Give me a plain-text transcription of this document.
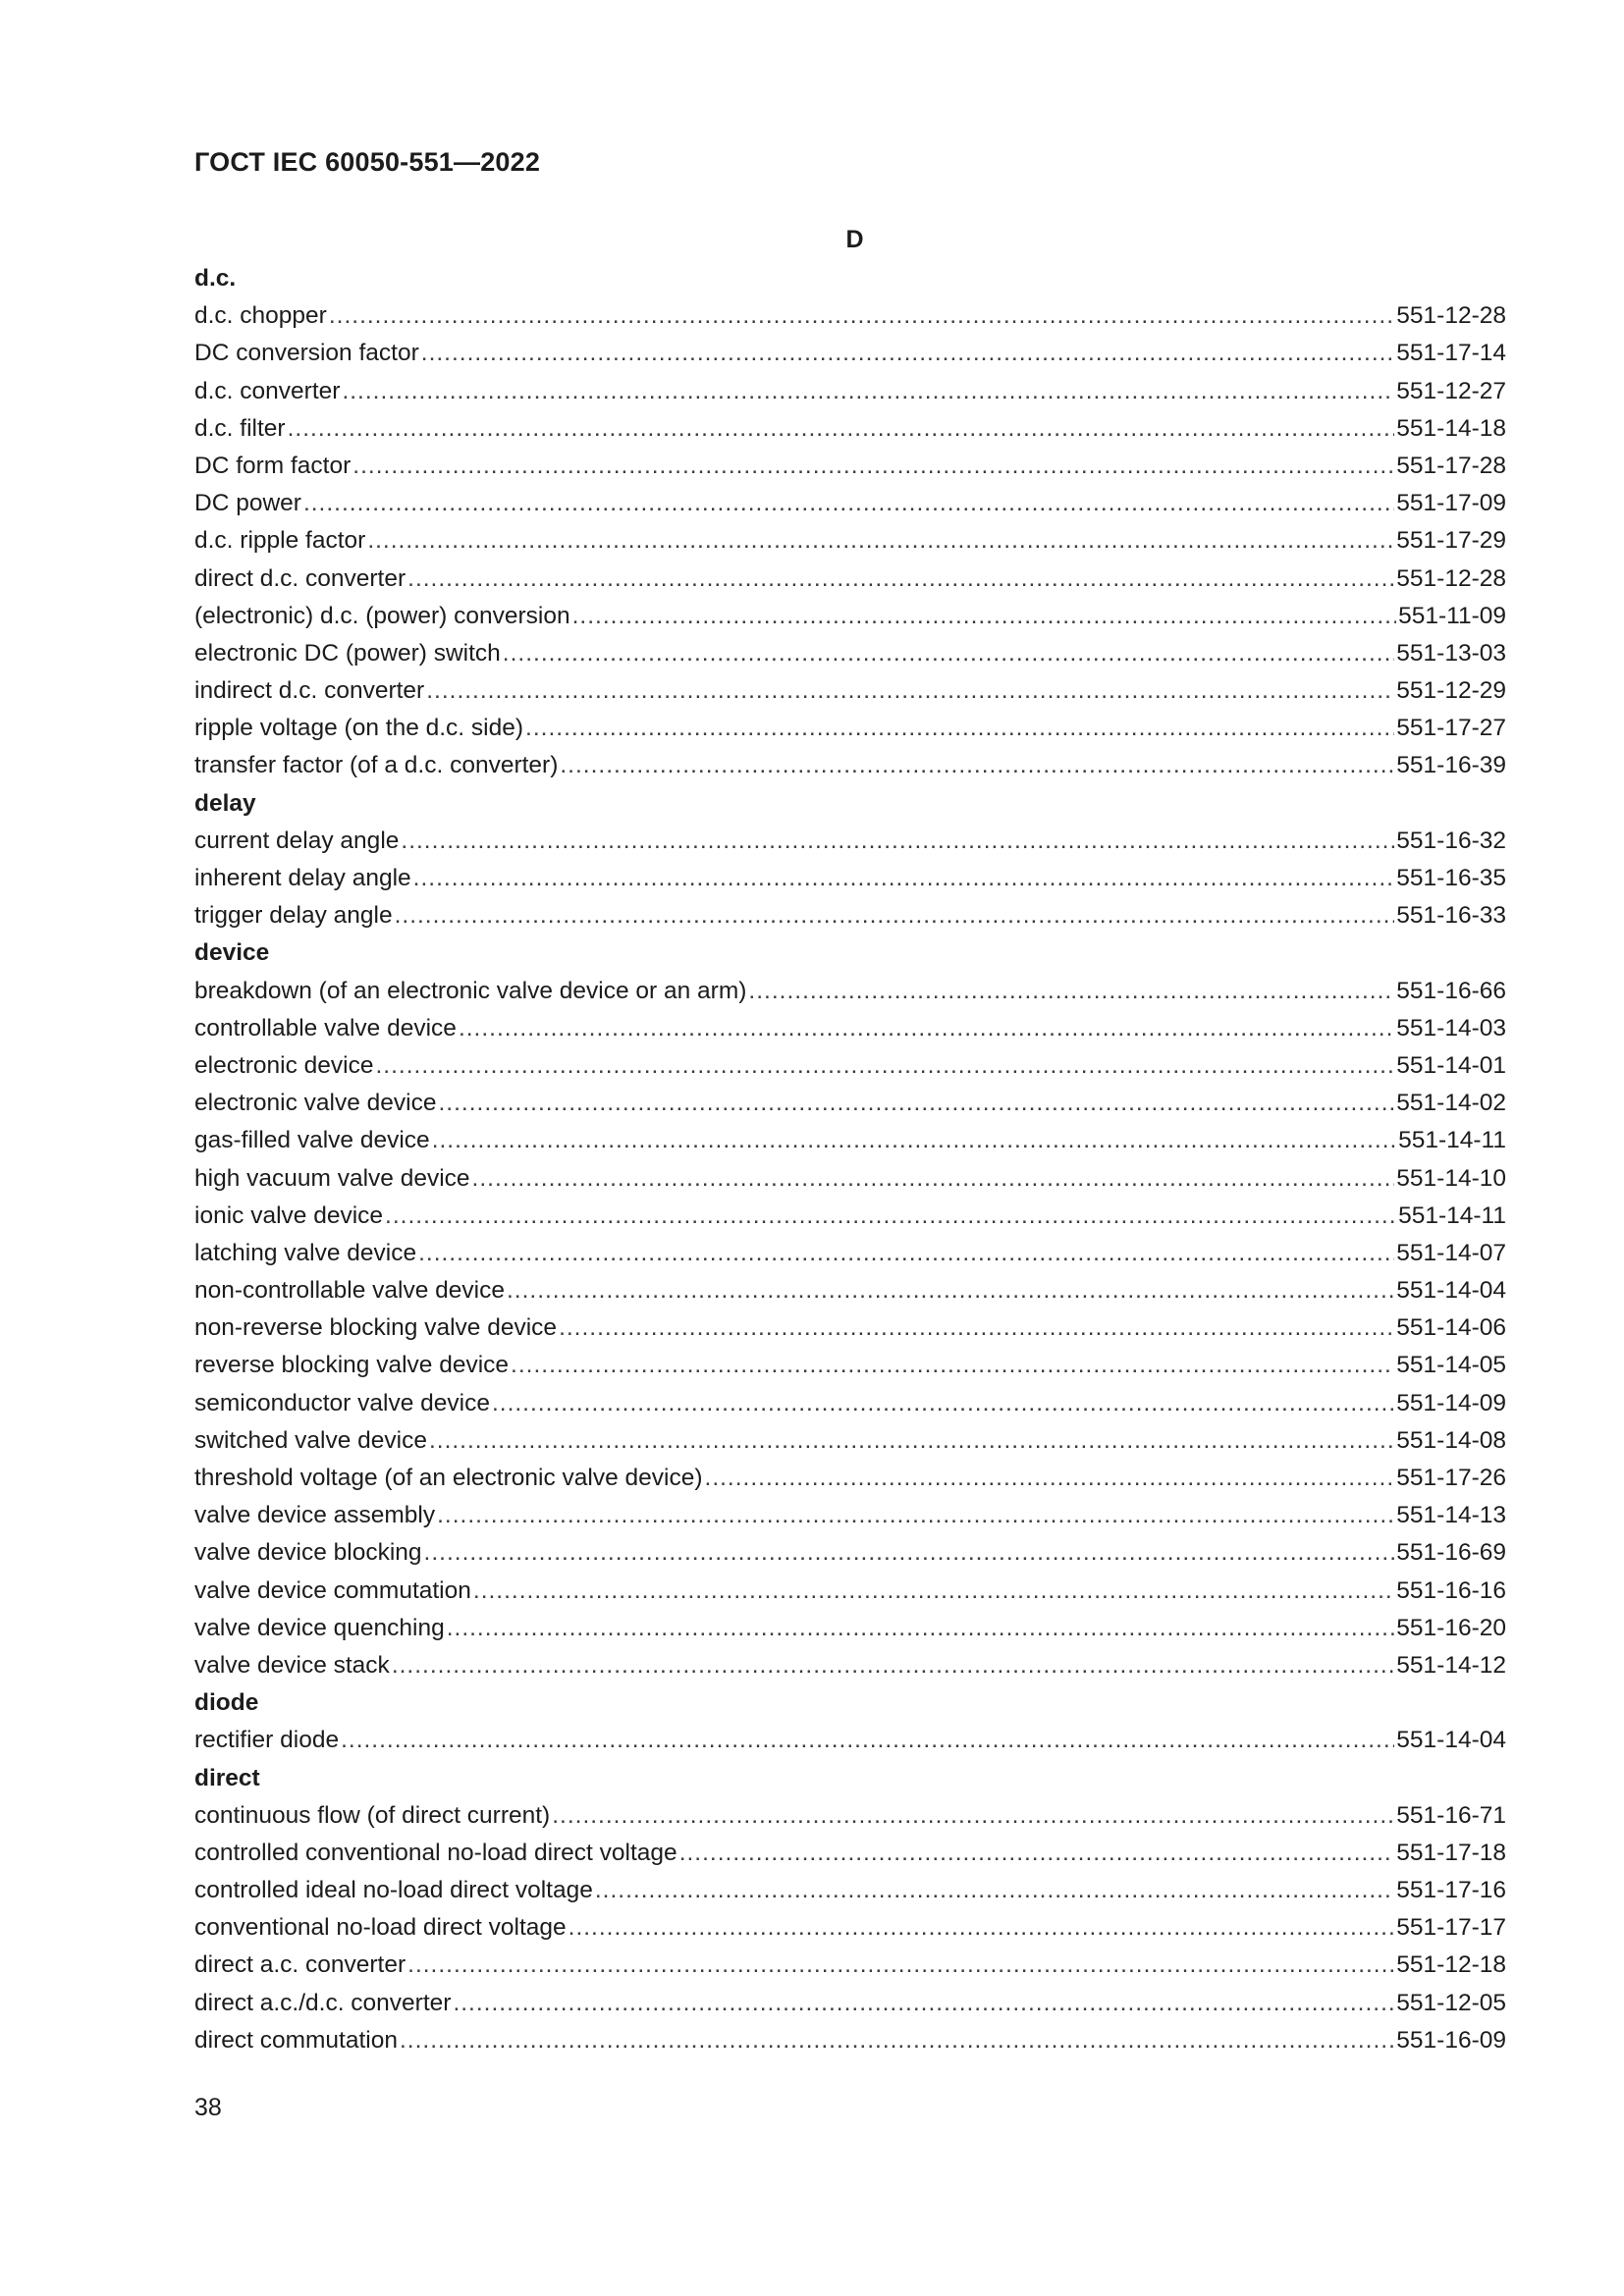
ГОСТ IEC 60050-551—2022
D
d.c.
d.c. chopper .....	551-12-28
DC conversion factor .....	551-17-14
d.c. converter .....	551-12-27
d.c. filter .....	551-14-18
DC form factor .....	551-17-28
DC power .....	551-17-09
d.c. ripple factor .....	551-17-29
direct d.c. converter .....	551-12-28
(electronic) d.c. (power) conversion .....	551-11-09
electronic DC (power) switch .....	551-13-03
indirect d.c. converter .....	551-12-29
ripple voltage (on the d.c. side) .....	551-17-27
transfer factor (of a d.c. converter) .....	551-16-39
delay
current delay angle .....	551-16-32
inherent delay angle .....	551-16-35
trigger delay angle .....	551-16-33
device
breakdown (of an electronic valve device or an arm) .....	551-16-66
controllable valve device .....	551-14-03
electronic device .....	551-14-01
electronic valve device .....	551-14-02
gas-filled valve device .....	551-14-11
high vacuum valve device .....	551-14-10
ionic valve device .....	551-14-11
latching valve device .....	551-14-07
non-controllable valve device .....	551-14-04
non-reverse blocking valve device .....	551-14-06
reverse blocking valve device .....	551-14-05
semiconductor valve device .....	551-14-09
switched valve device .....	551-14-08
threshold voltage (of an electronic valve device) .....	551-17-26
valve device assembly .....	551-14-13
valve device blocking .....	551-16-69
valve device commutation .....	551-16-16
valve device quenching .....	551-16-20
valve device stack .....	551-14-12
diode
rectifier diode .....	551-14-04
direct
continuous flow (of direct current) .....	551-16-71
controlled conventional no-load direct voltage .....	551-17-18
controlled ideal no-load direct voltage .....	551-17-16
conventional no-load direct voltage .....	551-17-17
direct a.c. converter .....	551-12-18
direct a.c./d.c. converter .....	551-12-05
direct commutation .....	551-16-09
38
